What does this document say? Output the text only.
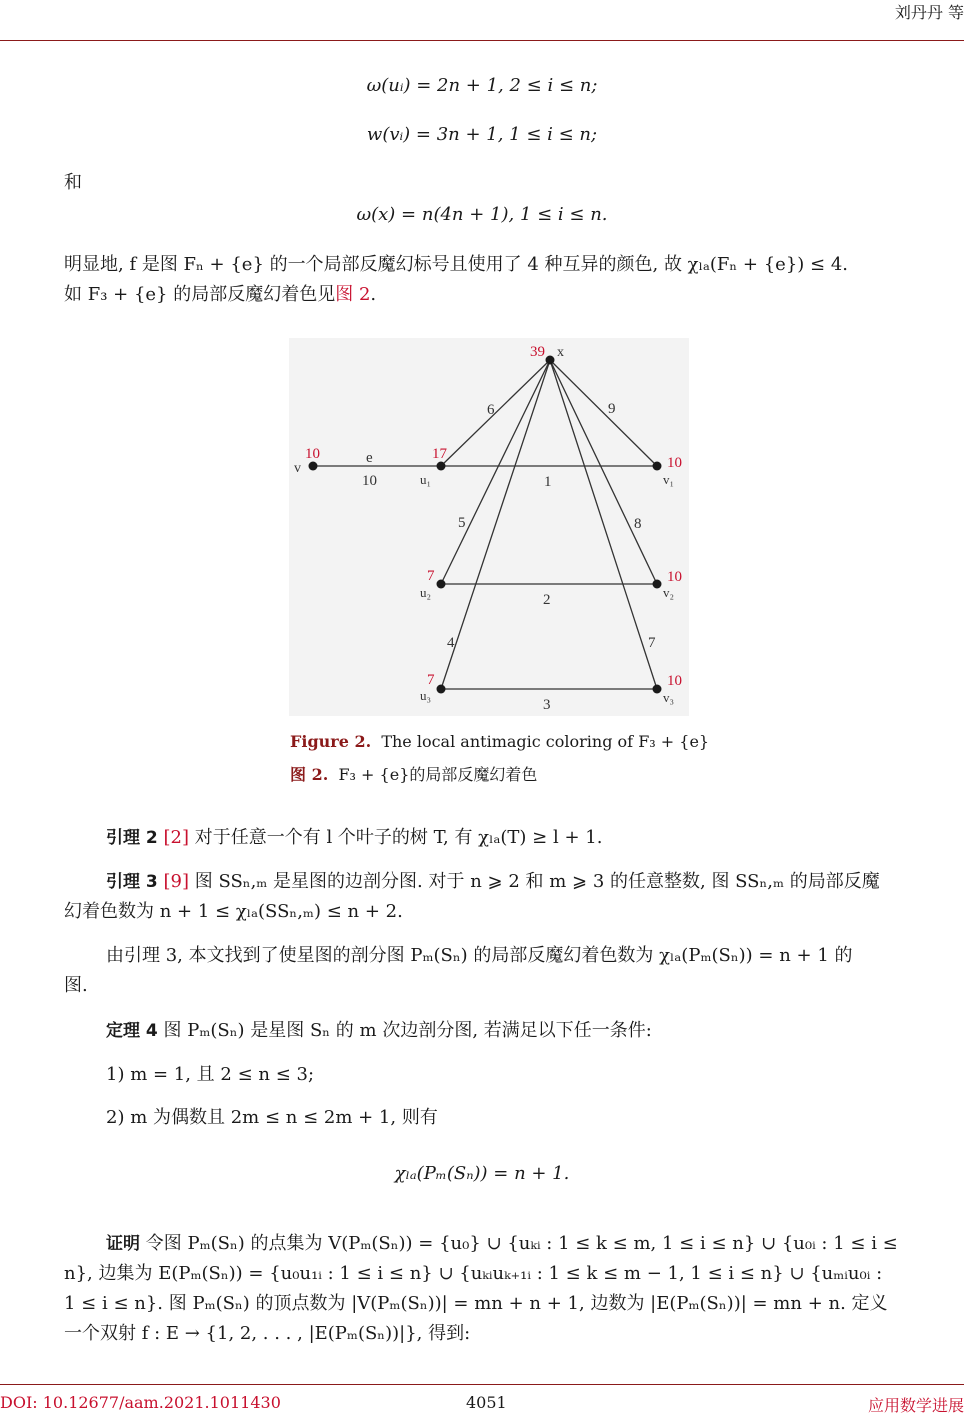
刘丹丹 等
ω(uᵢ) = 2n + 1, 2 ≤ i ≤ n;
w(vᵢ) = 3n + 1, 1 ≤ i ≤ n;
和
ω(x) = n(4n + 1), 1 ≤ i ≤ n.
明显地, f 是图 Fₙ + {e} 的一个局部反魔幻标号且使用了 4 种互异的颜色, 故 χₗₐ(Fₙ + {e}) ≤ 4.
如 F₃ + {e} 的局部反魔幻着色见图 2.
39
10	17
10
7	10
7	10
x
v
u₁	v₁
u₂	v₂
u₃	v₃
e
10	1
2
3
6	9
5	8
4	7
Figure 2. The local antimagic coloring of F₃ + {e}
图 2. F₃ + {e}的局部反魔幻着色
引理 2 [2] 对于任意一个有 l 个叶子的树 T, 有 χₗₐ(T) ≥ l + 1.
引理 3 [9] 图 SSₙ,ₘ 是星图的边剖分图. 对于 n ⩾ 2 和 m ⩾ 3 的任意整数, 图 SSₙ,ₘ 的局部反魔
幻着色数为 n + 1 ≤ χₗₐ(SSₙ,ₘ) ≤ n + 2.
由引理 3, 本文找到了使星图的剖分图 Pₘ(Sₙ) 的局部反魔幻着色数为 χₗₐ(Pₘ(Sₙ)) = n + 1 的
图.
定理 4 图 Pₘ(Sₙ) 是星图 Sₙ 的 m 次边剖分图, 若满足以下任一条件:
1) m = 1, 且 2 ≤ n ≤ 3;
2) m 为偶数且 2m ≤ n ≤ 2m + 1, 则有
χₗₐ(Pₘ(Sₙ)) = n + 1.
证明 令图 Pₘ(Sₙ) 的点集为 V(Pₘ(Sₙ)) = {u₀} ∪ {uₖᵢ : 1 ≤ k ≤ m, 1 ≤ i ≤ n} ∪ {u₀ᵢ : 1 ≤ i ≤
n}, 边集为 E(Pₘ(Sₙ)) = {u₀u₁ᵢ : 1 ≤ i ≤ n} ∪ {uₖᵢuₖ₊₁ᵢ : 1 ≤ k ≤ m − 1, 1 ≤ i ≤ n} ∪ {uₘᵢu₀ᵢ :
1 ≤ i ≤ n}. 图 Pₘ(Sₙ) 的顶点数为 |V(Pₘ(Sₙ))| = mn + n + 1, 边数为 |E(Pₘ(Sₙ))| = mn + n. 定义
一个双射 f : E → {1, 2, . . . , |E(Pₘ(Sₙ))|}, 得到:
DOI: 10.12677/aam.2021.1011430	4051	应用数学进展
